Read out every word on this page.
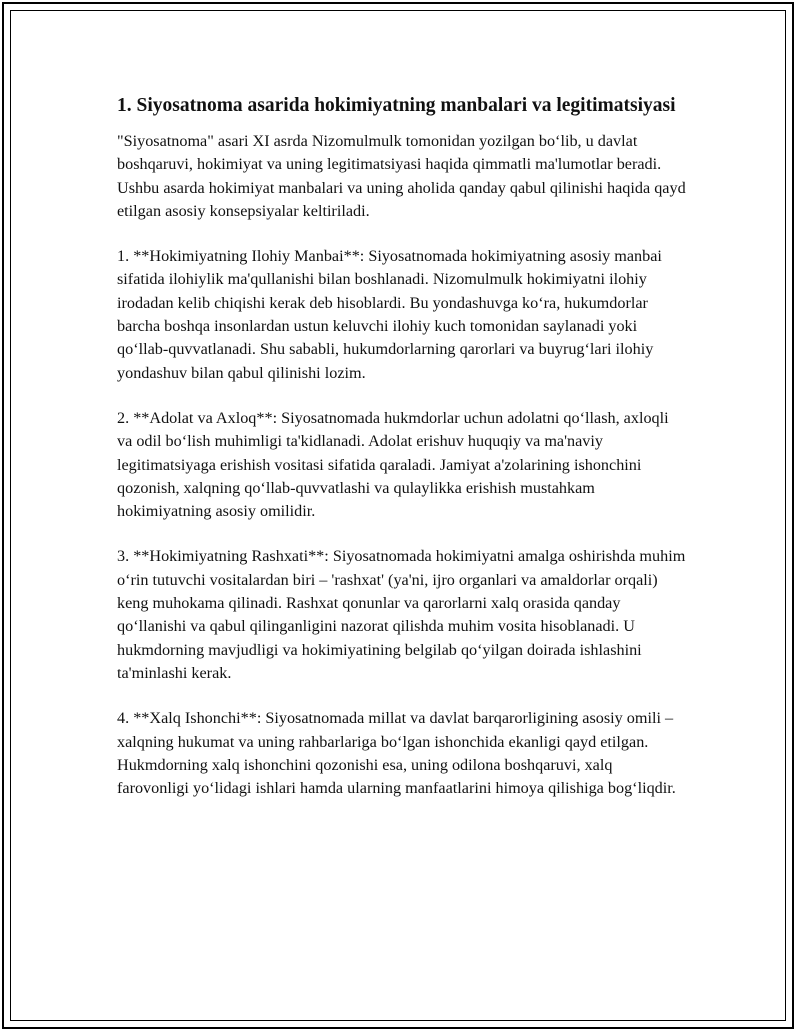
1. Siyosatnoma asarida hokimiyatning manbalari va legitimatsiyasi

"Siyosatnoma" asari XI asrda Nizomulmulk tomonidan yozilgan bo‘lib, u davlat boshqaruvi, hokimiyat va uning legitimatsiyasi haqida qimmatli ma'lumotlar beradi. Ushbu asarda hokimiyat manbalari va uning aholida qanday qabul qilinishi haqida qayd etilgan asosiy konsepsiyalar keltiriladi.

1. **Hokimiyatning Ilohiy Manbai**: Siyosatnomada hokimiyatning asosiy manbai sifatida ilohiylik ma'qullanishi bilan boshlanadi. Nizomulmulk hokimiyatni ilohiy irodadan kelib chiqishi kerak deb hisoblardi. Bu yondashuvga ko‘ra, hukumdorlar barcha boshqa insonlardan ustun keluvchi ilohiy kuch tomonidan saylanadi yoki qo‘llab-quvvatlanadi. Shu sababli, hukumdorlarning qarorlari va buyrug‘lari ilohiy yondashuv bilan qabul qilinishi lozim.

2. **Adolat va Axloq**: Siyosatnomada hukmdorlar uchun adolatni qo‘llash, axloqli va odil bo‘lish muhimligi ta'kidlanadi. Adolat erishuv huquqiy va ma'naviy legitimatsiyaga erishish vositasi sifatida qaraladi. Jamiyat a'zolarining ishonchini qozonish, xalqning qo‘llab-quvvatlashi va qulaylikka erishish mustahkam hokimiyatning asosiy omilidir.

3. **Hokimiyatning Rashxati**: Siyosatnomada hokimiyatni amalga oshirishda muhim o‘rin tutuvchi vositalardan biri – 'rashxat' (ya'ni, ijro organlari va amaldorlar orqali) keng muhokama qilinadi. Rashxat qonunlar va qarorlarni xalq orasida qanday qo‘llanishi va qabul qilinganligini nazorat qilishda muhim vosita hisoblanadi. U hukmdorning mavjudligi va hokimiyatining belgilab qo‘yilgan doirada ishlashini ta'minlashi kerak.

4. **Xalq Ishonchi**: Siyosatnomada millat va davlat barqarorligining asosiy omili – xalqning hukumat va uning rahbarlariga bo‘lgan ishonchida ekanligi qayd etilgan. Hukmdorning xalq ishonchini qozonishi esa, uning odilona boshqaruvi, xalq farovonligi yo‘lidagi ishlari hamda ularning manfaatlarini himoya qilishiga bog‘liqdir.
